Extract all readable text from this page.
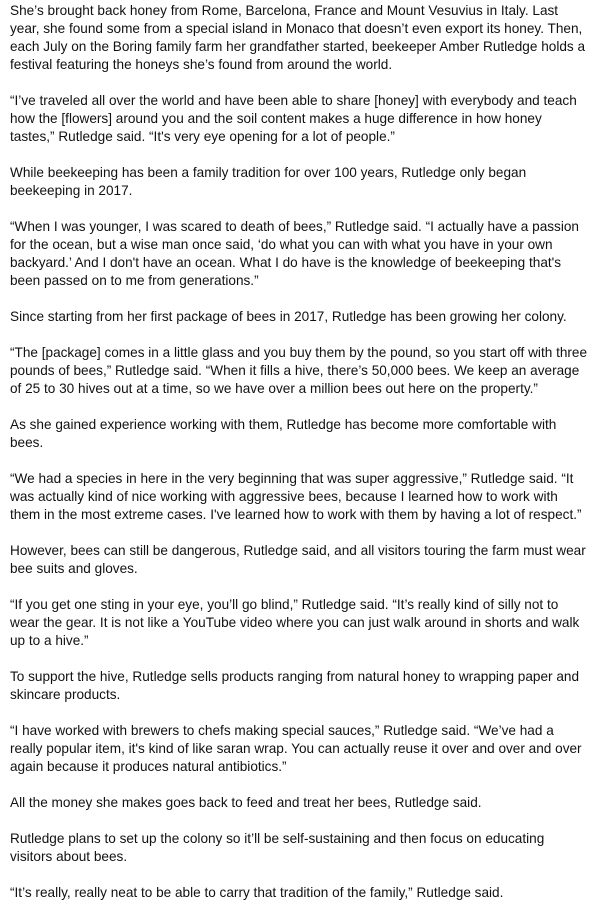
She’s brought back honey from Rome, Barcelona, France and Mount Vesuvius in Italy. Last year, she found some from a special island in Monaco that doesn’t even export its honey. Then, each July on the Boring family farm her grandfather started, beekeeper Amber Rutledge holds a festival featuring the honeys she’s found from around the world.

“I’ve traveled all over the world and have been able to share [honey] with everybody and teach how the [flowers] around you and the soil content makes a huge difference in how honey tastes,” Rutledge said. “It's very eye opening for a lot of people.”

While beekeeping has been a family tradition for over 100 years, Rutledge only began beekeeping in 2017.

“When I was younger, I was scared to death of bees,” Rutledge said. “I actually have a passion for the ocean, but a wise man once said, ‘do what you can with what you have in your own backyard.’ And I don't have an ocean. What I do have is the knowledge of beekeeping that's been passed on to me from generations.”

Since starting from her first package of bees in 2017, Rutledge has been growing her colony.

“The [package] comes in a little glass and you buy them by the pound, so you start off with three pounds of bees,” Rutledge said. “When it fills a hive, there’s 50,000 bees. We keep an average of 25 to 30 hives out at a time, so we have over a million bees out here on the property.”

As she gained experience working with them, Rutledge has become more comfortable with bees.

“We had a species in here in the very beginning that was super aggressive,” Rutledge said. “It was actually kind of nice working with aggressive bees, because I learned how to work with them in the most extreme cases. I've learned how to work with them by having a lot of respect.”

However, bees can still be dangerous, Rutledge said, and all visitors touring the farm must wear bee suits and gloves.

“If you get one sting in your eye, you’ll go blind,” Rutledge said. “It’s really kind of silly not to wear the gear. It is not like a YouTube video where you can just walk around in shorts and walk up to a hive.”

To support the hive, Rutledge sells products ranging from natural honey to wrapping paper and skincare products.

“I have worked with brewers to chefs making special sauces,” Rutledge said. “We’ve had a really popular item, it's kind of like saran wrap. You can actually reuse it over and over and over again because it produces natural antibiotics.”

All the money she makes goes back to feed and treat her bees, Rutledge said.

Rutledge plans to set up the colony so it’ll be self-sustaining and then focus on educating visitors about bees.

“It’s really, really neat to be able to carry that tradition of the family,” Rutledge said.
